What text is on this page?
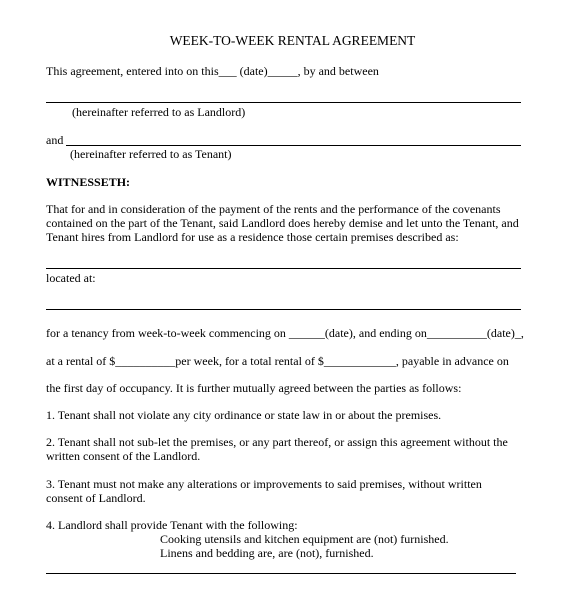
WEEK-TO-WEEK RENTAL AGREEMENT
This agreement, entered into on this___ (date)_____, by and between
(hereinafter referred to as Landlord)
and
(hereinafter referred to as Tenant)
WITNESSETH:
That for and in consideration of the payment of the rents and the performance of the covenants
contained on the part of the Tenant, said Landlord does hereby demise and let unto the Tenant, and
Tenant hires from Landlord for use as a residence those certain premises described as:
located at:
for a tenancy from week-to-week commencing on ______(date), and ending on__________(date)_,
at a rental of $__________per week, for a total rental of $____________, payable in advance on
the first day of occupancy. It is further mutually agreed between the parties as follows:
1. Tenant shall not violate any city ordinance or state law in or about the premises.
2. Tenant shall not sub-let the premises, or any part thereof, or assign this agreement without the
written consent of the Landlord.
3. Tenant must not make any alterations or improvements to said premises, without written
consent of Landlord.
4. Landlord shall provide Tenant with the following:
Cooking utensils and kitchen equipment are (not) furnished.
Linens and bedding are, are (not), furnished.
